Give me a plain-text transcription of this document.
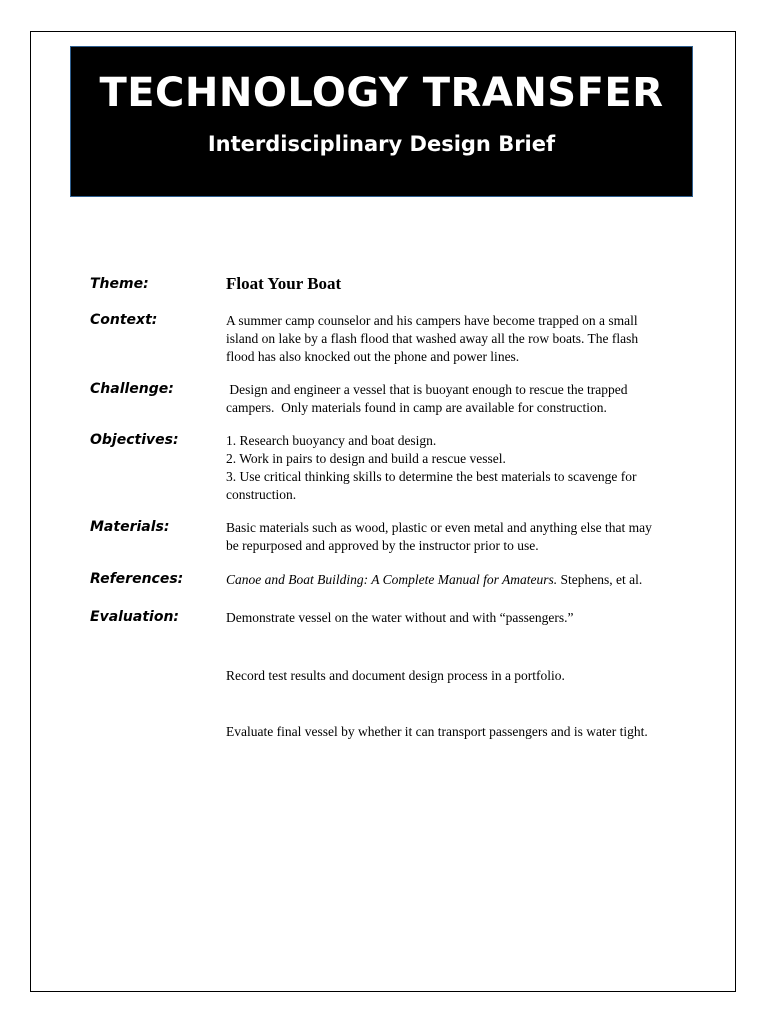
TECHNOLOGY TRANSFER
Interdisciplinary Design Brief
Theme:	Float Your Boat
Context:	A summer camp counselor and his campers have become trapped on a small island on lake by a flash flood that washed away all the row boats. The flash flood has also knocked out the phone and power lines.
Challenge:	Design and engineer a vessel that is buoyant enough to rescue the trapped campers.  Only materials found in camp are available for construction.
Objectives:	1. Research buoyancy and boat design.

2. Work in pairs to design and build a rescue vessel.

3. Use critical thinking skills to determine the best materials to scavenge for construction.

Materials:	Basic materials such as wood, plastic or even metal and anything else that may be repurposed and approved by the instructor prior to use.
References:	Canoe and Boat Building: A Complete Manual for Amateurs. Stephens, et al.
Evaluation:	Demonstrate vessel on the water without and with “passengers.”

Record test results and document design process in a portfolio.

Evaluate final vessel by whether it can transport passengers and is water tight.
